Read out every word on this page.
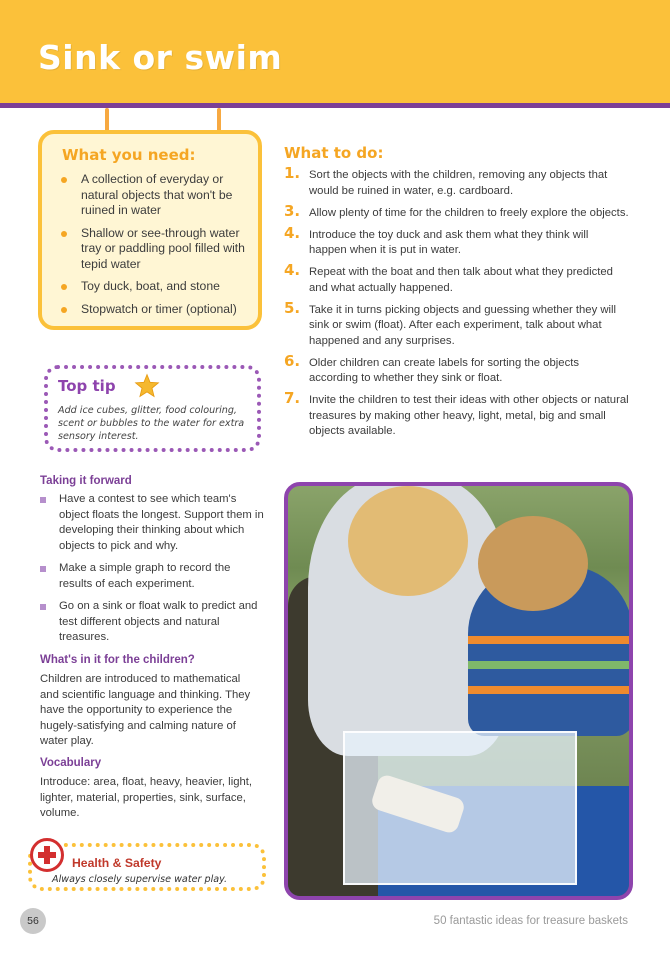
Sink or swim
What you need:
A collection of everyday or natural objects that won't be ruined in water
Shallow or see-through water tray or paddling pool filled with tepid water
Toy duck, boat, and stone
Stopwatch or timer (optional)
Top tip
Add ice cubes, glitter, food colouring, scent or bubbles to the water for extra sensory interest.
Taking it forward
Have a contest to see which team's object floats the longest. Support them in developing their thinking about which objects to pick and why.
Make a simple graph to record the results of each experiment.
Go on a sink or float walk to predict and test different objects and natural treasures.
What's in it for the children?
Children are introduced to mathematical and scientific language and thinking. They have the opportunity to experience the hugely-satisfying and calming nature of water play.
Vocabulary
Introduce: area, float, heavy, heavier, light, lighter, material, properties, sink, surface, volume.
Health & Safety
Always closely supervise water play.
What to do:
1. Sort the objects with the children, removing any objects that would be ruined in water, e.g. cardboard.
3. Allow plenty of time for the children to freely explore the objects.
4. Introduce the toy duck and ask them what they think will happen when it is put in water.
4. Repeat with the boat and then talk about what they predicted and what actually happened.
5. Take it in turns picking objects and guessing whether they will sink or swim (float). After each experiment, talk about what happened and any surprises.
6. Older children can create labels for sorting the objects according to whether they sink or float.
7. Invite the children to test their ideas with other objects or natural treasures by making other heavy, light, metal, big and small objects available.
56	50 fantastic ideas for treasure baskets
